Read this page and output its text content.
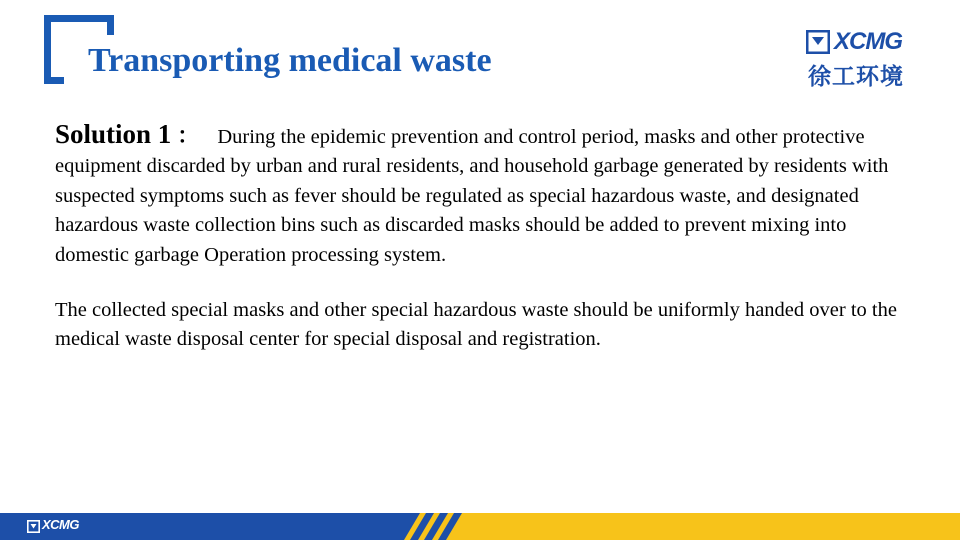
Transporting medical waste
XCMG
徐工环境

Solution 1 ： During the epidemic prevention and control period, masks and other protective equipment discarded by urban and rural residents, and household garbage generated by residents with suspected symptoms such as fever should be regulated as special hazardous waste, and designated hazardous waste collection bins such as discarded masks should be added to prevent mixing into domestic garbage Operation processing system.

The collected special masks and other special hazardous waste should be uniformly handed over to the medical waste disposal center for special disposal and registration.

XCMG
